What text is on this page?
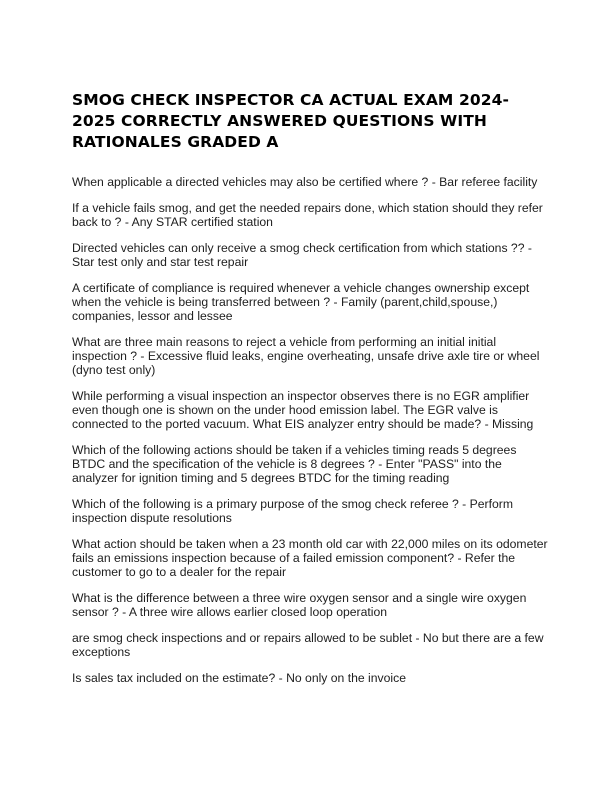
SMOG CHECK INSPECTOR CA ACTUAL EXAM 2024-2025 CORRECTLY ANSWERED QUESTIONS WITH RATIONALES GRADED A
When applicable a directed vehicles may also be certified where ? - Bar referee facility
If a vehicle fails smog, and get the needed repairs done, which station should they refer back to ? - Any STAR certified station
Directed vehicles can only receive a smog check certification from which stations ?? - Star test only and star test repair
A certificate of compliance is required whenever a vehicle changes ownership except when the vehicle is being transferred between ? - Family (parent,child,spouse,) companies, lessor and lessee
What are three main reasons to reject a vehicle from performing an initial initial inspection ? - Excessive fluid leaks, engine overheating, unsafe drive axle tire or wheel (dyno test only)
While performing a visual inspection an inspector observes there is no EGR amplifier even though one is shown on the under hood emission label. The EGR valve is connected to the ported vacuum. What EIS analyzer entry should be made? - Missing
Which of the following actions should be taken if a vehicles timing reads 5 degrees BTDC and the specification of the vehicle is 8 degrees ? - Enter "PASS" into the analyzer for ignition timing and 5 degrees BTDC for the timing reading
Which of the following is a primary purpose of the smog check referee ? - Perform inspection dispute resolutions
What action should be taken when a 23 month old car with 22,000 miles on its odometer fails an emissions inspection because of a failed emission component? - Refer the customer to go to a dealer for the repair
What is the difference between a three wire oxygen sensor and a single wire oxygen sensor ? - A three wire allows earlier closed loop operation
are smog check inspections and or repairs allowed to be sublet - No but there are a few exceptions
Is sales tax included on the estimate? - No only on the invoice
